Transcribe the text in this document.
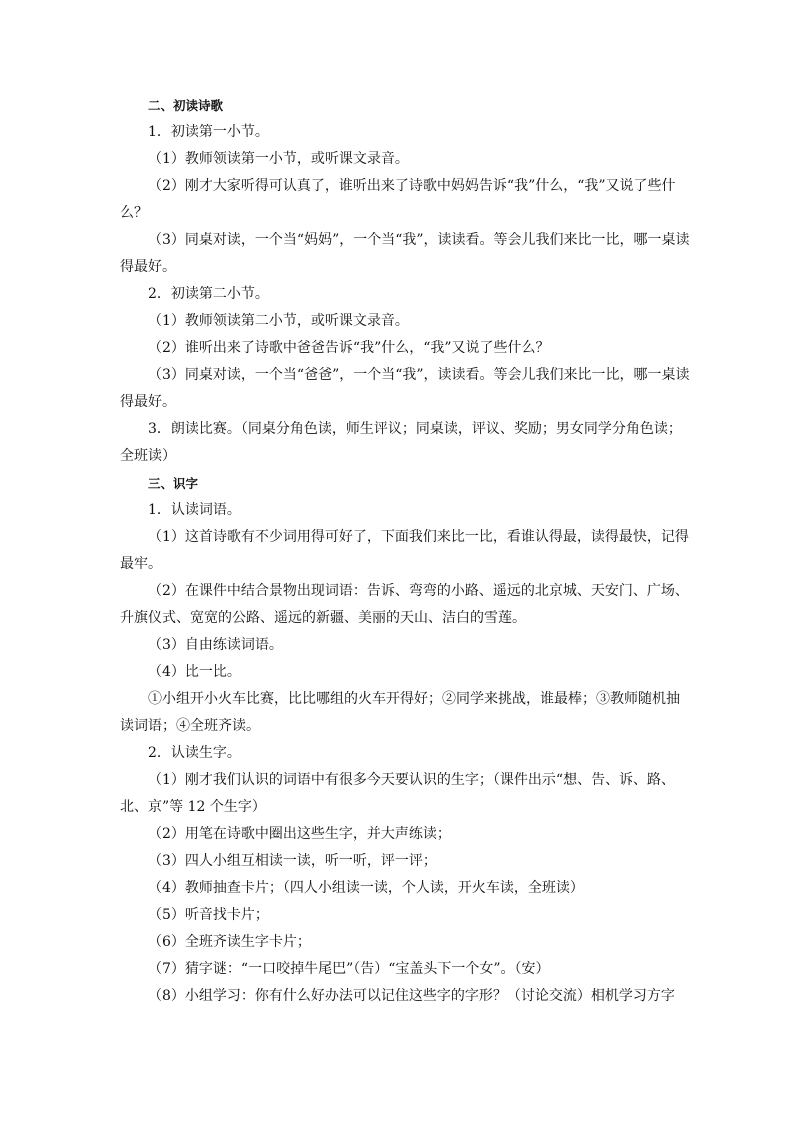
二、初读诗歌
1．初读第一小节。
（1）教师领读第一小节，或听课文录音。
（2）刚才大家听得可认真了，谁听出来了诗歌中妈妈告诉“我”什么，“我”又说了些什么？
（3）同桌对读，一个当“妈妈”，一个当“我”，读读看。等会儿我们来比一比，哪一桌读得最好。
2．初读第二小节。
（1）教师领读第二小节，或听课文录音。
（2）谁听出来了诗歌中爸爸告诉“我”什么，“我”又说了些什么？
（3）同桌对读，一个当“爸爸”，一个当“我”，读读看。等会儿我们来比一比，哪一桌读得最好。
3．朗读比赛。（同桌分角色读，师生评议；同桌读，评议、奖励；男女同学分角色读；全班读）
三、识字
1．认读词语。
（1）这首诗歌有不少词用得可好了，下面我们来比一比，看谁认得最，读得最快，记得最牢。
（2）在课件中结合景物出现词语：告诉、弯弯的小路、遥远的北京城、天安门、广场、升旗仪式、宽宽的公路、遥远的新疆、美丽的天山、洁白的雪莲。
（3）自由练读词语。
（4）比一比。
①小组开小火车比赛，比比哪组的火车开得好；②同学来挑战，谁最棒；③教师随机抽读词语；④全班齐读。
2．认读生字。
（1）刚才我们认识的词语中有很多今天要认识的生字；（课件出示“想、告、诉、路、北、京”等 12 个生字）
（2）用笔在诗歌中圈出这些生字，并大声练读；
（3）四人小组互相读一读，听一听，评一评；
（4）教师抽查卡片；（四人小组读一读，个人读，开火车读，全班读）
（5）听音找卡片；
（6）全班齐读生字卡片；
（7）猜字谜：“一口咬掉牛尾巴”（告）“宝盖头下一个女”。（安）
（8）小组学习：你有什么好办法可以记住这些字的字形？（讨论交流）相机学习方字
